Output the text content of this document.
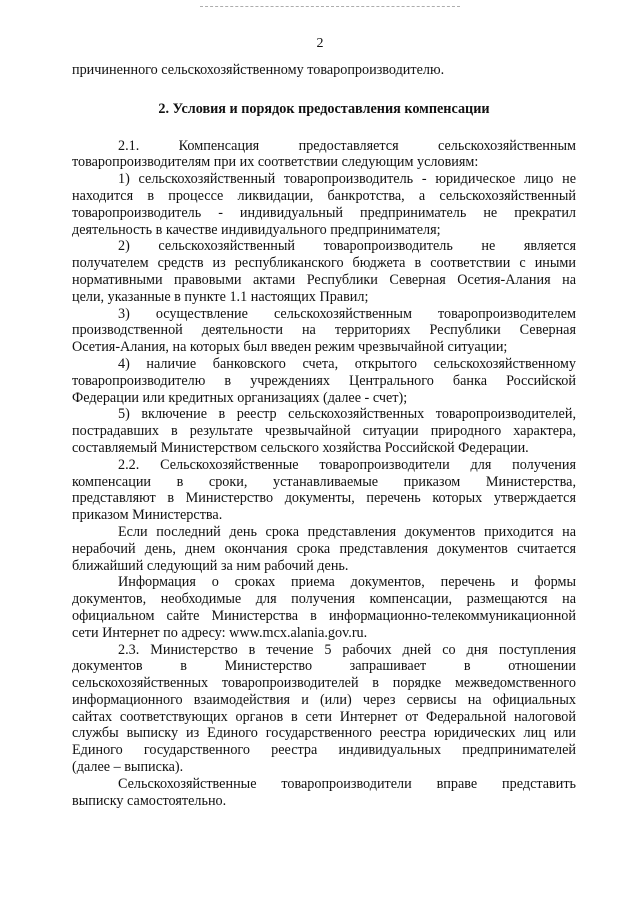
2

причиненного сельскохозяйственному товаропроизводителю.

2. Условия и порядок предоставления компенсации

2.1. Компенсация предоставляется сельскохозяйственным

товаропроизводителям при их соответствии следующим условиям:

1) сельскохозяйственный товаропроизводитель - юридическое лицо не

находится в процессе ликвидации, банкротства, а сельскохозяйственный

товаропроизводитель - индивидуальный предприниматель не прекратил

деятельность в качестве индивидуального предпринимателя;

2) сельскохозяйственный товаропроизводитель не является

получателем средств из республиканского бюджета в соответствии с иными

нормативными правовыми актами Республики Северная Осетия-Алания на

цели, указанные в пункте 1.1 настоящих Правил;

3) осуществление сельскохозяйственным товаропроизводителем

производственной деятельности на территориях Республики Северная

Осетия-Алания, на которых был введен режим чрезвычайной ситуации;

4) наличие банковского счета, открытого сельскохозяйственному

товаропроизводителю в учреждениях Центрального банка Российской

Федерации или кредитных организациях (далее - счет);

5) включение в реестр сельскохозяйственных товаропроизводителей,

пострадавших в результате чрезвычайной ситуации природного характера,

составляемый Министерством сельского хозяйства Российской Федерации.

2.2. Сельскохозяйственные товаропроизводители для получения

компенсации в сроки, устанавливаемые приказом Министерства,

представляют в Министерство документы, перечень которых утверждается

приказом Министерства.

Если последний день срока представления документов приходится на

нерабочий день, днем окончания срока представления документов считается

ближайший следующий за ним рабочий день.

Информация о сроках приема документов, перечень и формы

документов, необходимые для получения компенсации, размещаются на

официальном сайте Министерства в информационно-телекоммуникационной

сети Интернет по адресу: www.mcx.alania.gov.ru.

2.3. Министерство в течение 5 рабочих дней со дня поступления

документов в Министерство запрашивает в отношении

сельскохозяйственных товаропроизводителей в порядке межведомственного

информационного взаимодействия и (или) через сервисы на официальных

сайтах соответствующих органов в сети Интернет от Федеральной налоговой

службы выписку из Единого государственного реестра юридических лиц или

Единого государственного реестра индивидуальных предпринимателей

(далее – выписка).

Сельскохозяйственные товаропроизводители вправе представить

выписку самостоятельно.
